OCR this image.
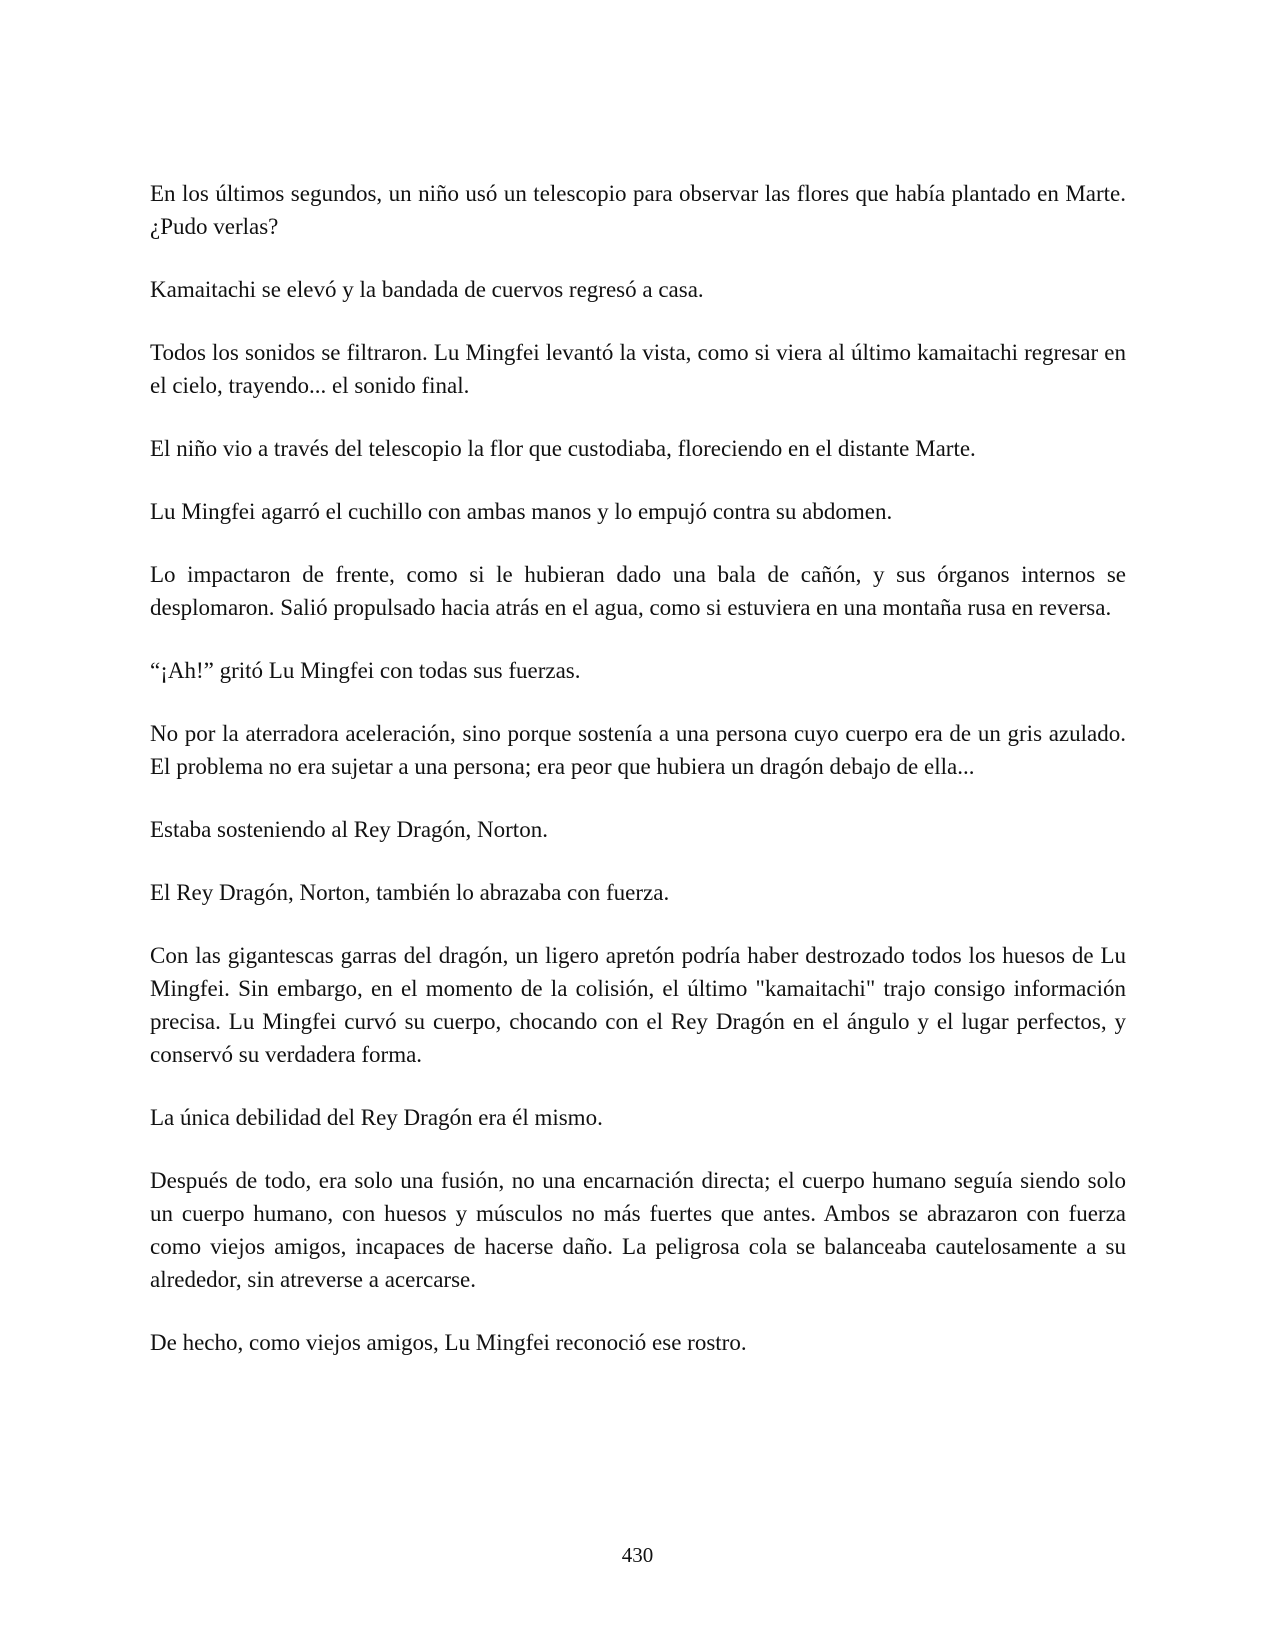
En los últimos segundos, un niño usó un telescopio para observar las flores que había plantado en Marte. ¿Pudo verlas?

Kamaitachi se elevó y la bandada de cuervos regresó a casa.

Todos los sonidos se filtraron. Lu Mingfei levantó la vista, como si viera al último kamaitachi regresar en el cielo, trayendo... el sonido final.

El niño vio a través del telescopio la flor que custodiaba, floreciendo en el distante Marte.

Lu Mingfei agarró el cuchillo con ambas manos y lo empujó contra su abdomen.

Lo impactaron de frente, como si le hubieran dado una bala de cañón, y sus órganos internos se desplomaron. Salió propulsado hacia atrás en el agua, como si estuviera en una montaña rusa en reversa.

“¡Ah!” gritó Lu Mingfei con todas sus fuerzas.

No por la aterradora aceleración, sino porque sostenía a una persona cuyo cuerpo era de un gris azulado. El problema no era sujetar a una persona; era peor que hubiera un dragón debajo de ella...

Estaba sosteniendo al Rey Dragón, Norton.

El Rey Dragón, Norton, también lo abrazaba con fuerza.

Con las gigantescas garras del dragón, un ligero apretón podría haber destrozado todos los huesos de Lu Mingfei. Sin embargo, en el momento de la colisión, el último "kamaitachi" trajo consigo información precisa. Lu Mingfei curvó su cuerpo, chocando con el Rey Dragón en el ángulo y el lugar perfectos, y conservó su verdadera forma.

La única debilidad del Rey Dragón era él mismo.

Después de todo, era solo una fusión, no una encarnación directa; el cuerpo humano seguía siendo solo un cuerpo humano, con huesos y músculos no más fuertes que antes. Ambos se abrazaron con fuerza como viejos amigos, incapaces de hacerse daño. La peligrosa cola se balanceaba cautelosamente a su alrededor, sin atreverse a acercarse.

De hecho, como viejos amigos, Lu Mingfei reconoció ese rostro.

430
